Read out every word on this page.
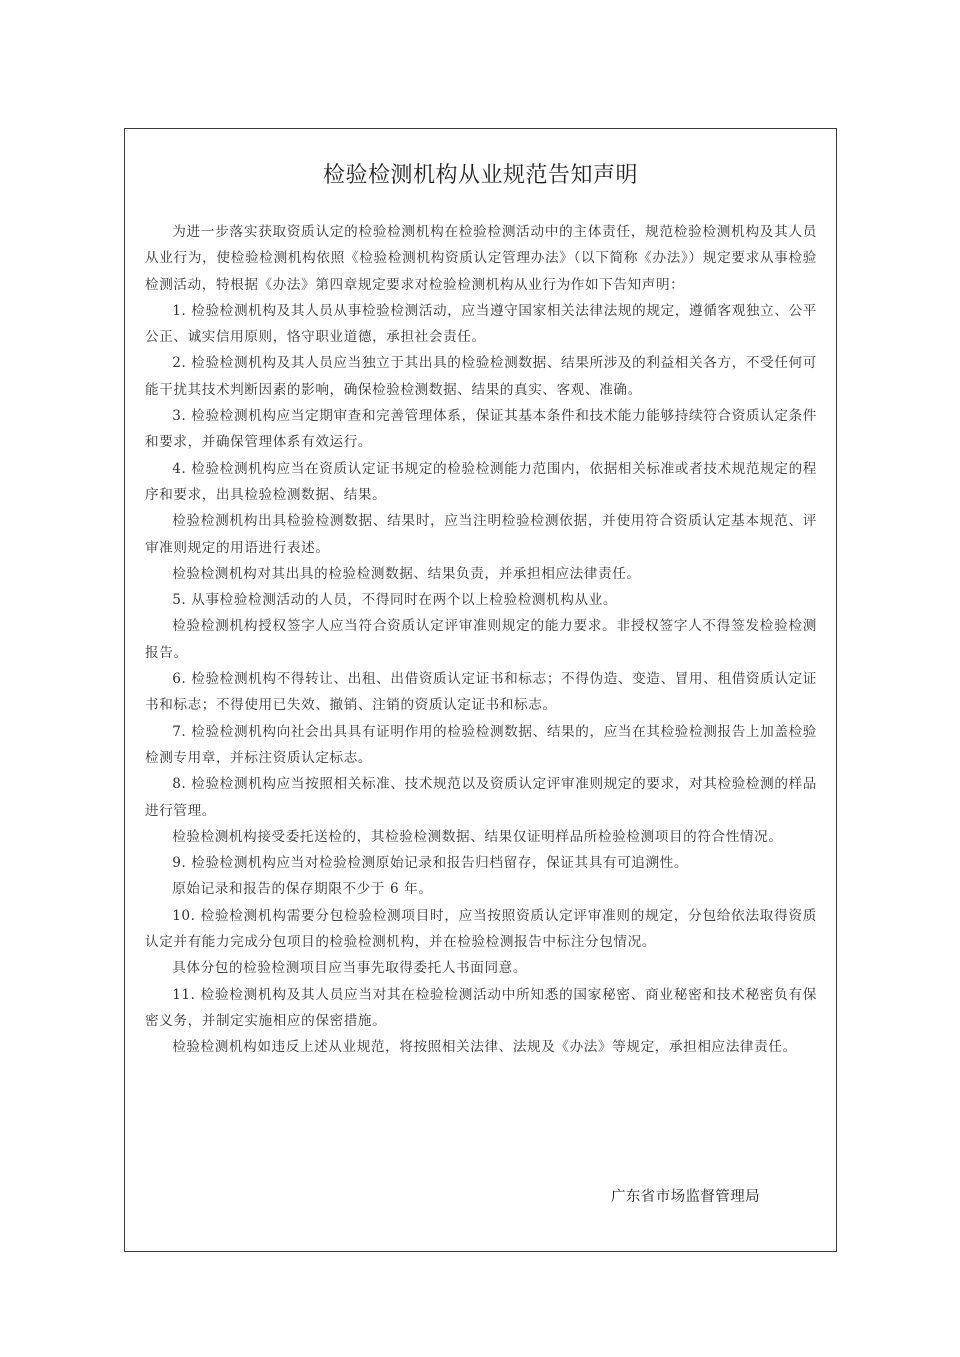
检验检测机构从业规范告知声明

为进一步落实获取资质认定的检验检测机构在检验检测活动中的主体责任，规范检验检测机构及其人员从业行为，使检验检测机构依照《检验检测机构资质认定管理办法》（以下简称《办法》）规定要求从事检验检测活动，特根据《办法》第四章规定要求对检验检测机构从业行为作如下告知声明：

1. 检验检测机构及其人员从事检验检测活动，应当遵守国家相关法律法规的规定，遵循客观独立、公平公正、诚实信用原则，恪守职业道德，承担社会责任。

2. 检验检测机构及其人员应当独立于其出具的检验检测数据、结果所涉及的利益相关各方，不受任何可能干扰其技术判断因素的影响，确保检验检测数据、结果的真实、客观、准确。

3. 检验检测机构应当定期审查和完善管理体系，保证其基本条件和技术能力能够持续符合资质认定条件和要求，并确保管理体系有效运行。

4. 检验检测机构应当在资质认定证书规定的检验检测能力范围内，依据相关标准或者技术规范规定的程序和要求，出具检验检测数据、结果。

检验检测机构出具检验检测数据、结果时，应当注明检验检测依据，并使用符合资质认定基本规范、评审准则规定的用语进行表述。

检验检测机构对其出具的检验检测数据、结果负责，并承担相应法律责任。

5. 从事检验检测活动的人员，不得同时在两个以上检验检测机构从业。

检验检测机构授权签字人应当符合资质认定评审准则规定的能力要求。非授权签字人不得签发检验检测报告。

6. 检验检测机构不得转让、出租、出借资质认定证书和标志；不得伪造、变造、冒用、租借资质认定证书和标志；不得使用已失效、撤销、注销的资质认定证书和标志。

7. 检验检测机构向社会出具具有证明作用的检验检测数据、结果的，应当在其检验检测报告上加盖检验检测专用章，并标注资质认定标志。

8. 检验检测机构应当按照相关标准、技术规范以及资质认定评审准则规定的要求，对其检验检测的样品进行管理。

检验检测机构接受委托送检的，其检验检测数据、结果仅证明样品所检验检测项目的符合性情况。

9. 检验检测机构应当对检验检测原始记录和报告归档留存，保证其具有可追溯性。

原始记录和报告的保存期限不少于 6 年。

10. 检验检测机构需要分包检验检测项目时，应当按照资质认定评审准则的规定，分包给依法取得资质认定并有能力完成分包项目的检验检测机构，并在检验检测报告中标注分包情况。

具体分包的检验检测项目应当事先取得委托人书面同意。

11. 检验检测机构及其人员应当对其在检验检测活动中所知悉的国家秘密、商业秘密和技术秘密负有保密义务，并制定实施相应的保密措施。

检验检测机构如违反上述从业规范，将按照相关法律、法规及《办法》等规定，承担相应法律责任。

广东省市场监督管理局
